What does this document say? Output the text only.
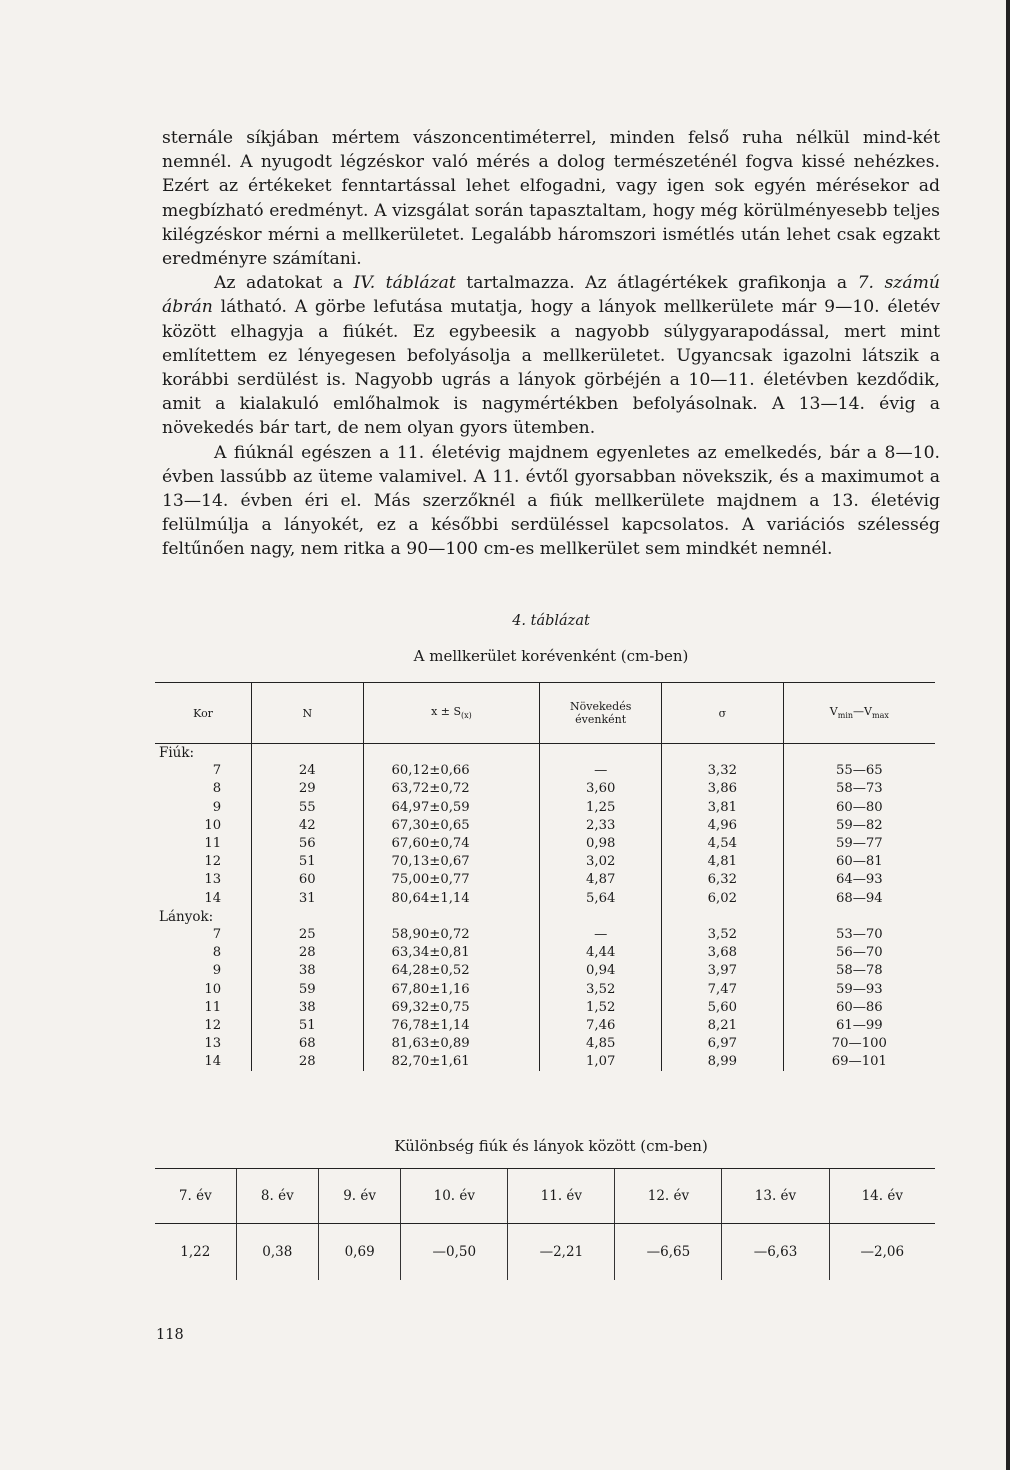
sternále síkjában mértem vászoncentiméterrel, minden felső ruha nélkül mind-két nemnél. A nyugodt légzéskor való mérés a dolog természeténél fogva kissé nehézkes. Ezért az értékeket fenntartással lehet elfogadni, vagy igen sok egyén mérésekor ad megbízható eredményt. A vizsgálat során tapasztaltam, hogy még körülményesebb teljes kilégzéskor mérni a mellkerületet. Legalább háromszori ismétlés után lehet csak egzakt eredményre számítani.

Az adatokat a IV. táblázat tartalmazza. Az átlagértékek grafikonja a 7. számú ábrán látható. A görbe lefutása mutatja, hogy a lányok mellkerülete már 9—10. életév között elhagyja a fiúkét. Ez egybeesik a nagyobb súlygyarapodással, mert mint említettem ez lényegesen befolyásolja a mellkerületet. Ugyancsak igazolni látszik a korábbi serdülést is. Nagyobb ugrás a lányok görbéjén a 10—11. életévben kezdődik, amit a kialakuló emlőhalmok is nagymértékben befolyásolnak. A 13—14. évig a növekedés bár tart, de nem olyan gyors ütemben.

A fiúknál egészen a 11. életévig majdnem egyenletes az emelkedés, bár a 8—10. évben lassúbb az üteme valamivel. A 11. évtől gyorsabban növekszik, és a maximumot a 13—14. évben éri el. Más szerzőknél a fiúk mellkerülete majdnem a 13. életévig felülmúlja a lányokét, ez a későbbi serdüléssel kapcsolatos. A variációs szélesség feltűnően nagy, nem ritka a 90—100 cm-es mellkerület sem mindkét nemnél.

4. táblázat
A mellkerület korévenként (cm-ben)
Kor	N	$x \pm S_{(x)}$	Növekedés
évenként	σ	$V_{min}—V_{max}$
Fiúk:					
7	24	60,12±0,66	—	3,32	55—65
8	29	63,72±0,72	3,60	3,86	58—73
9	55	64,97±0,59	1,25	3,81	60—80
10	42	67,30±0,65	2,33	4,96	59—82
11	56	67,60±0,74	0,98	4,54	59—77
12	51	70,13±0,67	3,02	4,81	60—81
13	60	75,00±0,77	4,87	6,32	64—93
14	31	80,64±1,14	5,64	6,02	68—94
Lányok:					
7	25	58,90±0,72	—	3,52	53—70
8	28	63,34±0,81	4,44	3,68	56—70
9	38	64,28±0,52	0,94	3,97	58—78
10	59	67,80±1,16	3,52	7,47	59—93
11	38	69,32±0,75	1,52	5,60	60—86
12	51	76,78±1,14	7,46	8,21	61—99
13	68	81,63±0,89	4,85	6,97	70—100
14	28	82,70±1,61	1,07	8,99	69—101
Különbség fiúk és lányok között (cm-ben)
7. év	8. év	9. év	10. év	11. év	12. év	13. év	14. év
1,22	0,38	0,69	—0,50	—2,21	—6,65	—6,63	—2,06
118
